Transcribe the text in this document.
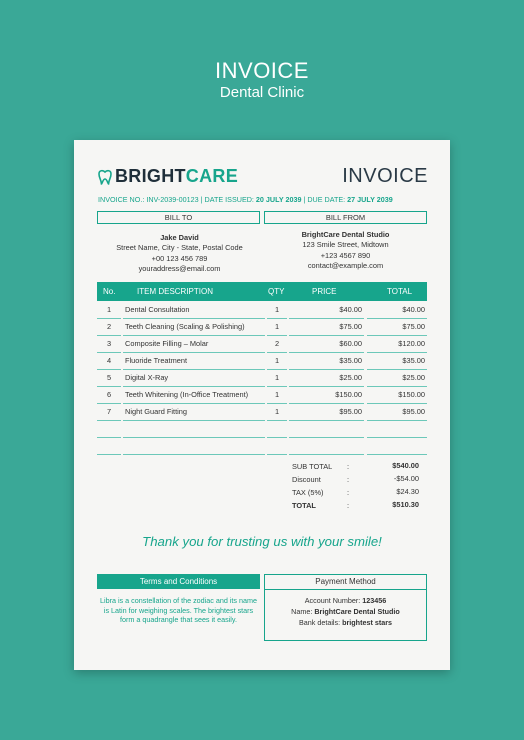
INVOICE
Dental Clinic
BRIGHT CARE	INVOICE
INVOICE NO.: INV-2039-00123 | DATE ISSUED: 20 JULY 2039 | DUE DATE: 27 JULY 2039
BILL TO	BILL FROM
Jake David
Street Name, City - State, Postal Code
+00 123 456 789
youraddress@email.com
BrightCare Dental Studio
123 Smile Street, Midtown
+123 4567 890
contact@example.com
No.	ITEM DESCRIPTION	QTY	PRICE	TOTAL
1	Dental Consultation	1	$40.00	$40.00
2	Teeth Cleaning (Scaling & Polishing)	1	$75.00	$75.00
3	Composite Filling – Molar	2	$60.00	$120.00
4	Fluoride Treatment	1	$35.00	$35.00
5	Digital X-Ray	1	$25.00	$25.00
6	Teeth Whitening (In-Office Treatment)	1	$150.00	$150.00
7	Night Guard Fitting	1	$95.00	$95.00
SUB TOTAL :	$540.00
Discount	:	-$54.00
TAX (5%)	:	$24.30
TOTAL	:	$510.30
Thank you for trusting us with your smile!
Terms and Conditions
Libra is a constellation of the zodiac and its name is Latin for weighing scales. The brightest stars form a quadrangle that sees it easily.
Payment Method
Account Number: 123456
Name: BrightCare Dental Studio
Bank details: brightest stars
